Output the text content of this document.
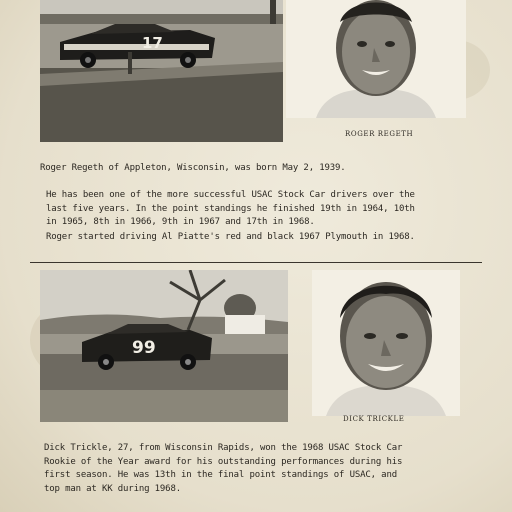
17
ROGER REGETH
Roger Regeth of Appleton, Wisconsin, was born May 2, 1939.
He has been one of the more successful USAC Stock Car drivers over the
last five years. In the point standings he finished 19th in 1964, 10th
in 1965, 8th in 1966, 9th in 1967 and 17th in 1968.
Roger started driving Al Piatte's red and black 1967 Plymouth in 1968.
99
DICK TRICKLE
Dick Trickle, 27, from Wisconsin Rapids, won the 1968 USAC Stock Car
Rookie of the Year award for his outstanding performances during his
first season. He was 13th in the final point standings of USAC, and
top man at KK during 1968.
